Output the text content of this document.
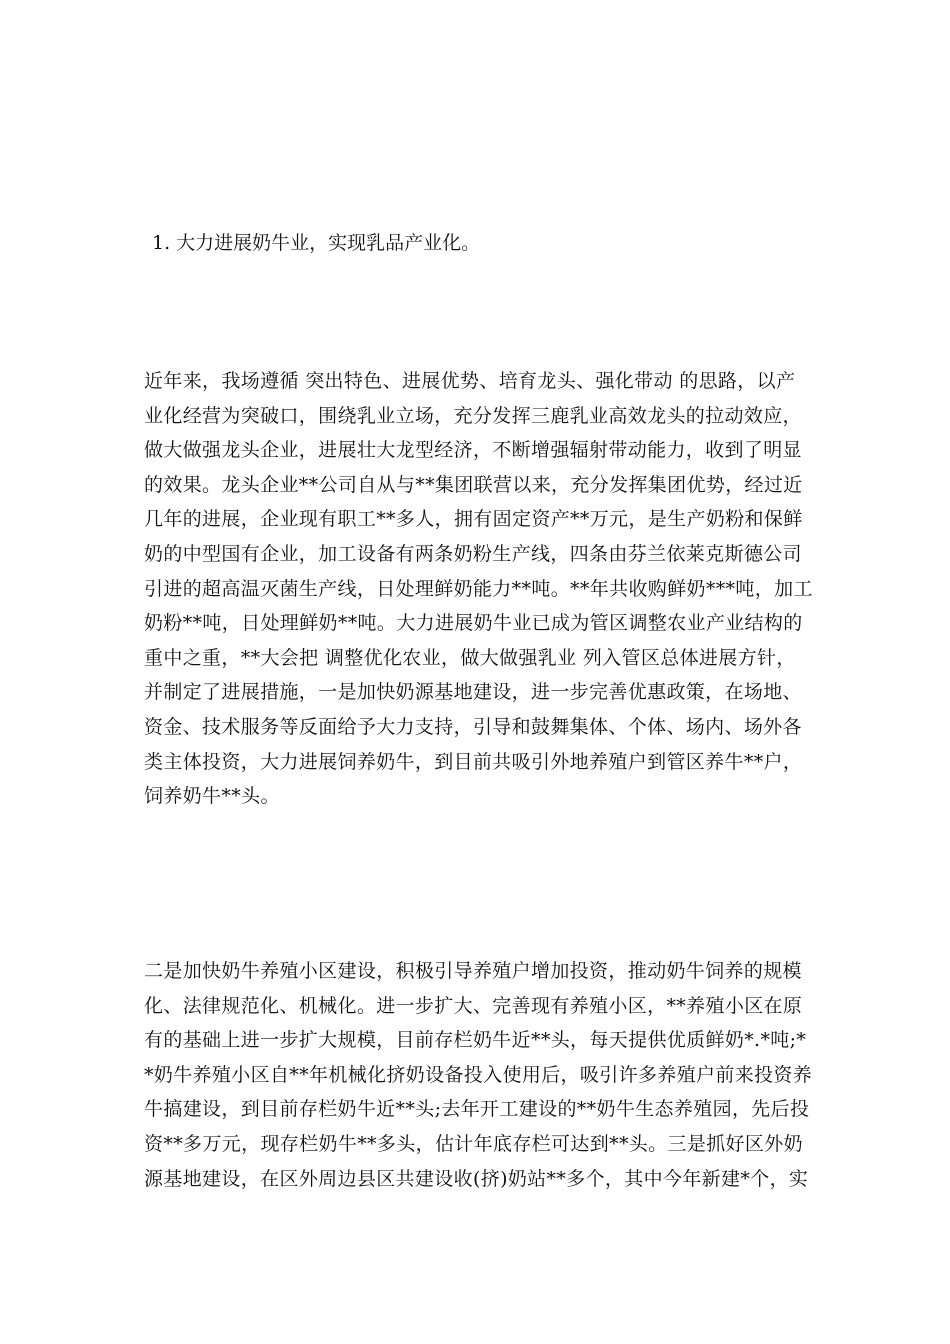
1. 大力进展奶牛业，实现乳品产业化。
近年来，我场遵循 突出特色、进展优势、培育龙头、强化带动 的思路，以产
业化经营为突破口，围绕乳业立场，充分发挥三鹿乳业高效龙头的拉动效应，
做大做强龙头企业，进展壮大龙型经济，不断增强辐射带动能力，收到了明显
的效果。龙头企业**公司自从与**集团联营以来，充分发挥集团优势，经过近
几年的进展，企业现有职工**多人，拥有固定资产**万元，是生产奶粉和保鲜
奶的中型国有企业，加工设备有两条奶粉生产线，四条由芬兰依莱克斯德公司
引进的超高温灭菌生产线，日处理鲜奶能力**吨。**年共收购鲜奶***吨，加工
奶粉**吨，日处理鲜奶**吨。大力进展奶牛业已成为管区调整农业产业结构的
重中之重，**大会把 调整优化农业，做大做强乳业 列入管区总体进展方针，
并制定了进展措施，一是加快奶源基地建设，进一步完善优惠政策，在场地、
资金、技术服务等反面给予大力支持，引导和鼓舞集体、个体、场内、场外各
类主体投资，大力进展饲养奶牛，到目前共吸引外地养殖户到管区养牛**户，
饲养奶牛**头。
二是加快奶牛养殖小区建设，积极引导养殖户增加投资，推动奶牛饲养的规模
化、法律规范化、机械化。进一步扩大、完善现有养殖小区，**养殖小区在原
有的基础上进一步扩大规模，目前存栏奶牛近**头，每天提供优质鲜奶*.*吨;*
*奶牛养殖小区自**年机械化挤奶设备投入使用后，吸引许多养殖户前来投资养
牛搞建设，到目前存栏奶牛近**头;去年开工建设的**奶牛生态养殖园，先后投
资**多万元，现存栏奶牛**多头，估计年底存栏可达到**头。三是抓好区外奶
源基地建设，在区外周边县区共建设收(挤)奶站**多个，其中今年新建*个，实
